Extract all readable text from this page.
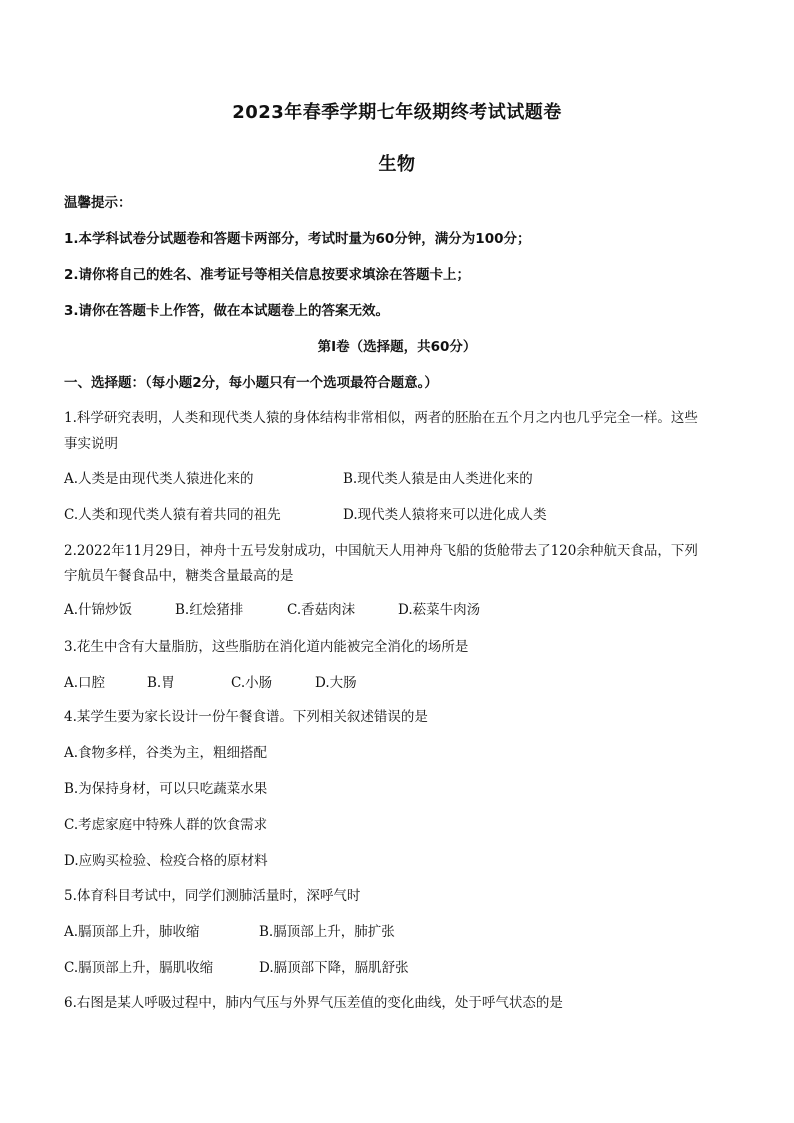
2023年春季学期七年级期终考试试题卷
生物
温馨提示：
1.本学科试卷分试题卷和答题卡两部分，考试时量为60分钟，满分为100分；
2.请你将自己的姓名、准考证号等相关信息按要求填涂在答题卡上；
3.请你在答题卡上作答，做在本试题卷上的答案无效。
第Ⅰ卷（选择题，共60分）
一、选择题：（每小题2分，每小题只有一个选项最符合题意。）
1.科学研究表明，人类和现代类人猿的身体结构非常相似，两者的胚胎在五个月之内也几乎完全一样。这些
事实说明
A.人类是由现代类人猿进化来的	B.现代类人猿是由人类进化来的
C.人类和现代类人猿有着共同的祖先	D.现代类人猿将来可以进化成人类
2.2022年11月29日，神舟十五号发射成功，中国航天人用神舟飞船的货舱带去了120余种航天食品，下列
宇航员午餐食品中，糖类含量最高的是
A.什锦炒饭	B.红烩猪排	C.香菇肉沫	D.菘菜牛肉汤
3.花生中含有大量脂肪，这些脂肪在消化道内能被完全消化的场所是
A.口腔	B.胃	C.小肠	D.大肠
4.某学生要为家长设计一份午餐食谱。下列相关叙述错误的是
A.食物多样，谷类为主，粗细搭配
B.为保持身材，可以只吃蔬菜水果
C.考虑家庭中特殊人群的饮食需求
D.应购买检验、检疫合格的原材料
5.体育科目考试中，同学们测肺活量时，深呼气时
A.膈顶部上升，肺收缩	B.膈顶部上升，肺扩张
C.膈顶部上升，膈肌收缩	D.膈顶部下降，膈肌舒张
6.右图是某人呼吸过程中，肺内气压与外界气压差值的变化曲线，处于呼气状态的是
